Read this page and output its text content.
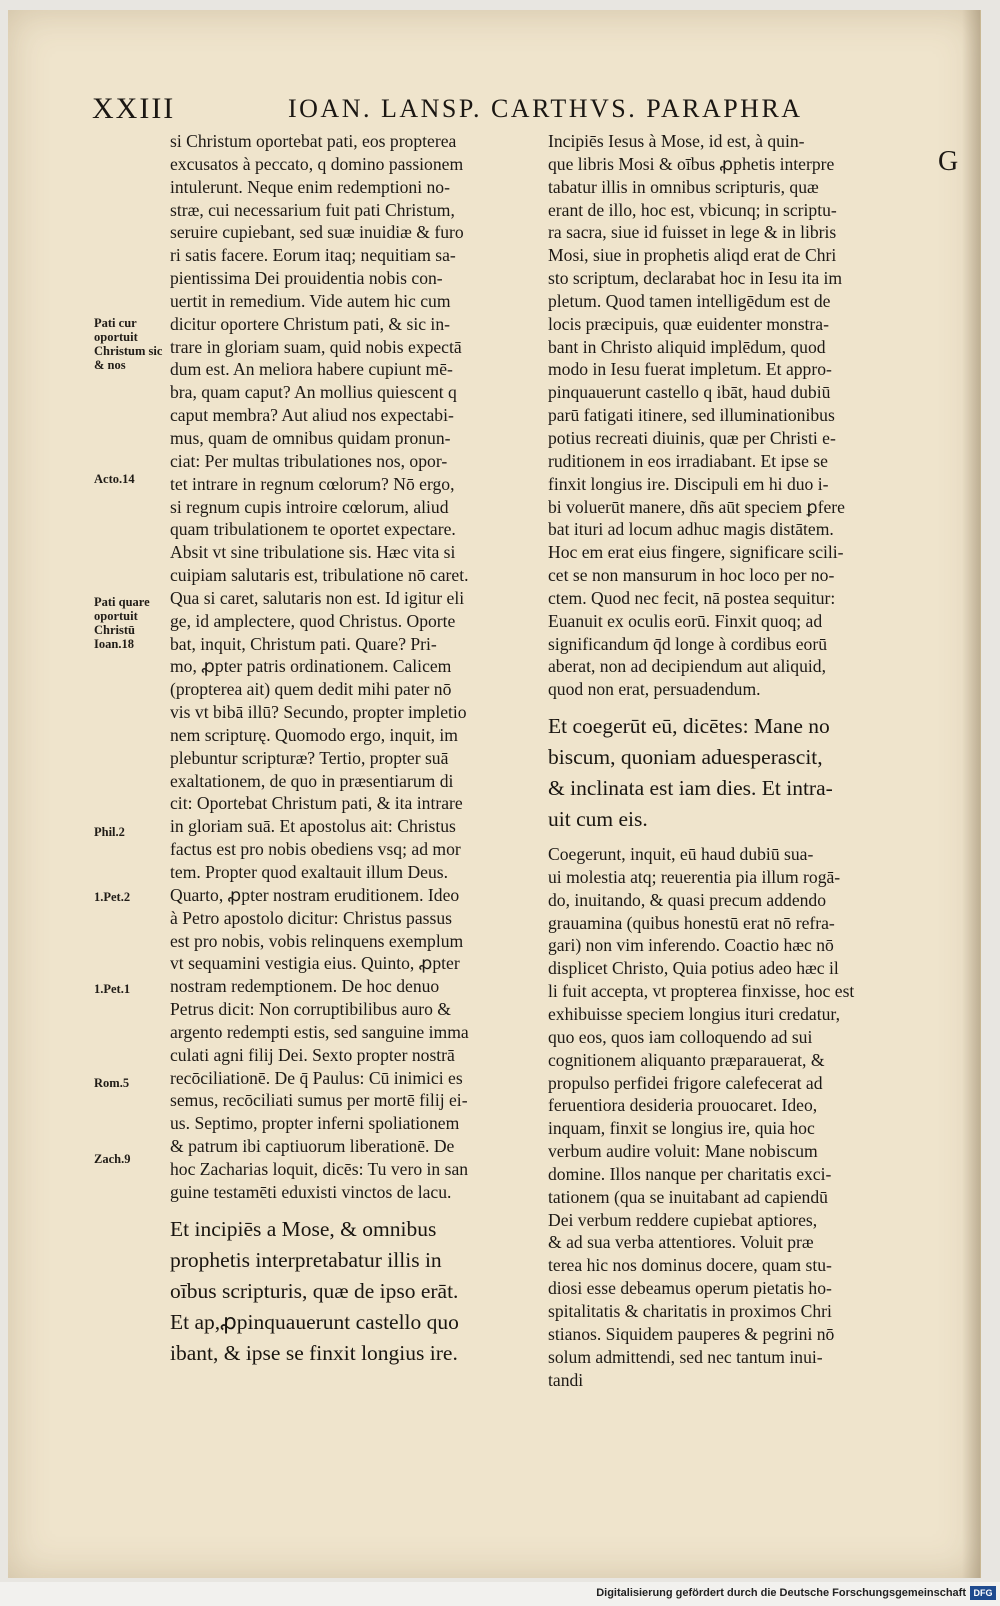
XXIII	IOAN. LANSP. CARTHVS. PARAPHRA
G
Pati cur oportuit Christum sic & nos
Acto.14
Pati quare oportuit Christū Ioan.18
Phil.2
1.Pet.2
1.Pet.1
Rom.5
Zach.9
si Christum oportebat pati, eos propterea
excusatos à peccato, q domino passionem
intulerunt. Neque enim redemptioni no-
stræ, cui necessarium fuit pati Christum,
seruire cupiebant, sed suæ inuidiæ & furo
ri satis facere. Eorum itaq; nequitiam sa-
pientissima Dei prouidentia nobis con-
uertit in remedium. Vide autem hic cum
dicitur oportere Christum pati, & sic in-
trare in gloriam suam, quid nobis expectā
dum est. An meliora habere cupiunt mē-
bra, quam caput? An mollius quiescent q
caput membra? Aut aliud nos expectabi-
mus, quam de omnibus quidam pronun-
ciat: Per multas tribulationes nos, opor-
tet intrare in regnum cœlorum? Nō ergo,
si regnum cupis introire cœlorum, aliud
quam tribulationem te oportet expectare.
Absit vt sine tribulatione sis. Hæc vita si
cuipiam salutaris est, tribulatione nō caret.
Qua si caret, salutaris non est. Id igitur eli
ge, id amplectere, quod Christus. Oporte
bat, inquit, Christum pati. Quare? Pri-
mo, ꝓpter patris ordinationem. Calicem
(propterea ait) quem dedit mihi pater nō
vis vt bibā illū? Secundo, propter impletio
nem scripturę. Quomodo ergo, inquit, im
plebuntur scripturæ? Tertio, propter suā
exaltationem, de quo in præsentiarum di
cit: Oportebat Christum pati, & ita intrare
in gloriam suā. Et apostolus ait: Christus
factus est pro nobis obediens vsq; ad mor
tem. Propter quod exaltauit illum Deus.
Quarto, ꝓpter nostram eruditionem. Ideo
à Petro apostolo dicitur: Christus passus
est pro nobis, vobis relinquens exemplum
vt sequamini vestigia eius. Quinto, ꝓpter
nostram redemptionem. De hoc denuo
Petrus dicit: Non corruptibilibus auro &
argento redempti estis, sed sanguine imma
culati agni filij Dei. Sexto propter nostrā
recōciliationē. De q̄ Paulus: Cū inimici es
semus, recōciliati sumus per mortē filij ei-
us. Septimo, propter inferni spoliationem
& patrum ibi captiuorum liberationē. De
hoc Zacharias loquit, dicēs: Tu vero in san
guine testamēti eduxisti vinctos de lacu.
Et incipiēs a Mose, & omnibus
prophetis interpretabatur illis in
oībus scripturis, quæ de ipso erāt.
Et ap,ꝓpinquauerunt castello quo
ibant, & ipse se finxit longius ire.
Incipiēs Iesus à Mose, id est, à quin-
que libris Mosi & oībus ꝓphetis interpre
tabatur illis in omnibus scripturis, quæ
erant de illo, hoc est, vbicunq; in scriptu-
ra sacra, siue id fuisset in lege & in libris
Mosi, siue in prophetis aliqd erat de Chri
sto scriptum, declarabat hoc in Iesu ita im
pletum. Quod tamen intelligēdum est de
locis præcipuis, quæ euidenter monstra-
bant in Christo aliquid implēdum, quod
modo in Iesu fuerat impletum. Et appro-
pinquauerunt castello q ibāt, haud dubiū
parū fatigati itinere, sed illuminationibus
potius recreati diuinis, quæ per Christi e-
ruditionem in eos irradiabant. Et ipse se
finxit longius ire. Discipuli em hi duo i-
bi voluerūt manere, dñs aūt speciem ꝑfere
bat ituri ad locum adhuc magis distātem.
Hoc em erat eius fingere, significare scili-
cet se non mansurum in hoc loco per no-
ctem. Quod nec fecit, nā postea sequitur:
Euanuit ex oculis eorū. Finxit quoq; ad
significandum q̄d longe à cordibus eorū
aberat, non ad decipiendum aut aliquid,
quod non erat, persuadendum.
Et coegerūt eū, dicētes: Mane no
biscum, quoniam aduesperascit,
& inclinata est iam dies. Et intra-
uit cum eis.
Coegerunt, inquit, eū haud dubiū sua-
ui molestia atq; reuerentia pia illum rogā-
do, inuitando, & quasi precum addendo
grauamina (quibus honestū erat nō refra-
gari) non vim inferendo. Coactio hæc nō
displicet Christo, Quia potius adeo hæc il
li fuit accepta, vt propterea finxisse, hoc est
exhibuisse speciem longius ituri credatur,
quo eos, quos iam colloquendo ad sui
cognitionem aliquanto præparauerat, &
propulso perfidei frigore calefecerat ad
feruentiora desideria prouocaret. Ideo,
inquam, finxit se longius ire, quia hoc
verbum audire voluit: Mane nobiscum
domine. Illos nanque per charitatis exci-
tationem (qua se inuitabant ad capiendū
Dei verbum reddere cupiebat aptiores,
& ad sua verba attentiores. Voluit præ
terea hic nos dominus docere, quam stu-
diosi esse debeamus operum pietatis ho-
spitalitatis & charitatis in proximos Chri
stianos. Siquidem pauperes & pegrini nō
solum admittendi, sed nec tantum inui-
tandi
Digitalisierung gefördert durch die Deutsche Forschungsgemeinschaft DFG
